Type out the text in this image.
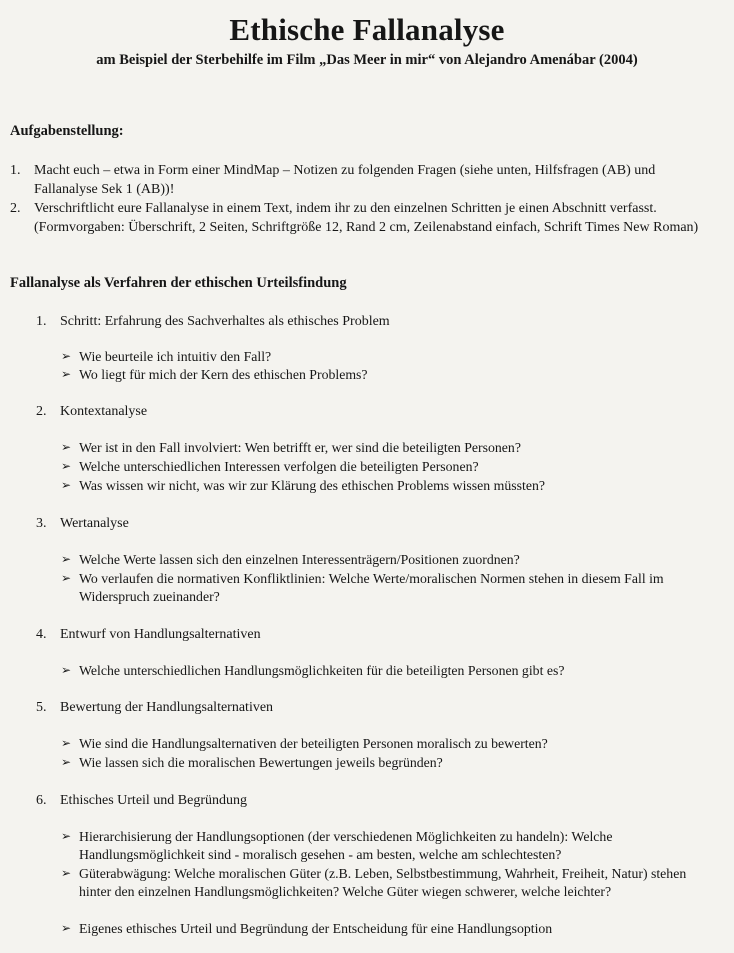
Ethische Fallanalyse
am Beispiel der Sterbehilfe im Film „Das Meer in mir“ von Alejandro Amenábar (2004)
Aufgabenstellung:
1. Macht euch – etwa in Form einer MindMap – Notizen zu folgenden Fragen (siehe unten, Hilfsfragen (AB) und Fallanalyse Sek 1 (AB))!
2. Verschriftlicht eure Fallanalyse in einem Text, indem ihr zu den einzelnen Schritten je einen Abschnitt verfasst. (Formvorgaben: Überschrift, 2 Seiten, Schriftgröße 12, Rand 2 cm, Zeilenabstand einfach, Schrift Times New Roman)
Fallanalyse als Verfahren der ethischen Urteilsfindung
1. Schritt: Erfahrung des Sachverhaltes als ethisches Problem
➢ Wie beurteile ich intuitiv den Fall?
➢ Wo liegt für mich der Kern des ethischen Problems?
2. Kontextanalyse
➢ Wer ist in den Fall involviert: Wen betrifft er, wer sind die beteiligten Personen?
➢ Welche unterschiedlichen Interessen verfolgen die beteiligten Personen?
➢ Was wissen wir nicht, was wir zur Klärung des ethischen Problems wissen müssten?
3. Wertanalyse
➢ Welche Werte lassen sich den einzelnen Interessenträgern/Positionen zuordnen?
➢ Wo verlaufen die normativen Konfliktlinien: Welche Werte/moralischen Normen stehen in diesem Fall im Widerspruch zueinander?
4. Entwurf von Handlungsalternativen
➢ Welche unterschiedlichen Handlungsmöglichkeiten für die beteiligten Personen gibt es?
5. Bewertung der Handlungsalternativen
➢ Wie sind die Handlungsalternativen der beteiligten Personen moralisch zu bewerten?
➢ Wie lassen sich die moralischen Bewertungen jeweils begründen?
6. Ethisches Urteil und Begründung
➢ Hierarchisierung der Handlungsoptionen (der verschiedenen Möglichkeiten zu handeln): Welche Handlungsmöglichkeit sind - moralisch gesehen - am besten, welche am schlechtesten?
➢ Güterabwägung: Welche moralischen Güter (z.B. Leben, Selbstbestimmung, Wahrheit, Freiheit, Natur) stehen hinter den einzelnen Handlungsmöglichkeiten? Welche Güter wiegen schwerer, welche leichter?
➢ Eigenes ethisches Urteil und Begründung der Entscheidung für eine Handlungsoption
